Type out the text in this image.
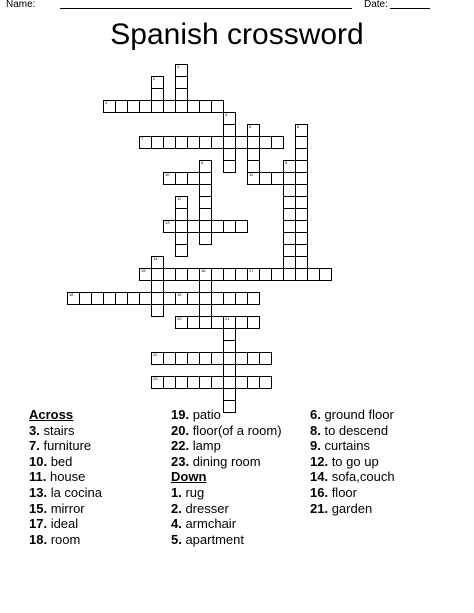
Name:	Date:
Spanish crossword
1
2
3
4
5	6
7
8	9
10	11
12
13
14
15	16	17
18	19
20	21
22
23
Across
3. stairs
7. furniture
10. bed
11. house
13. la cocina
15. mirror
17. ideal
18. room
19. patio
20. floor(of a room)
22. lamp
23. dining room
Down
1. rug
2. dresser
4. armchair
5. apartment
6. ground floor
8. to descend
9. curtains
12. to go up
14. sofa,couch
16. floor
21. garden
